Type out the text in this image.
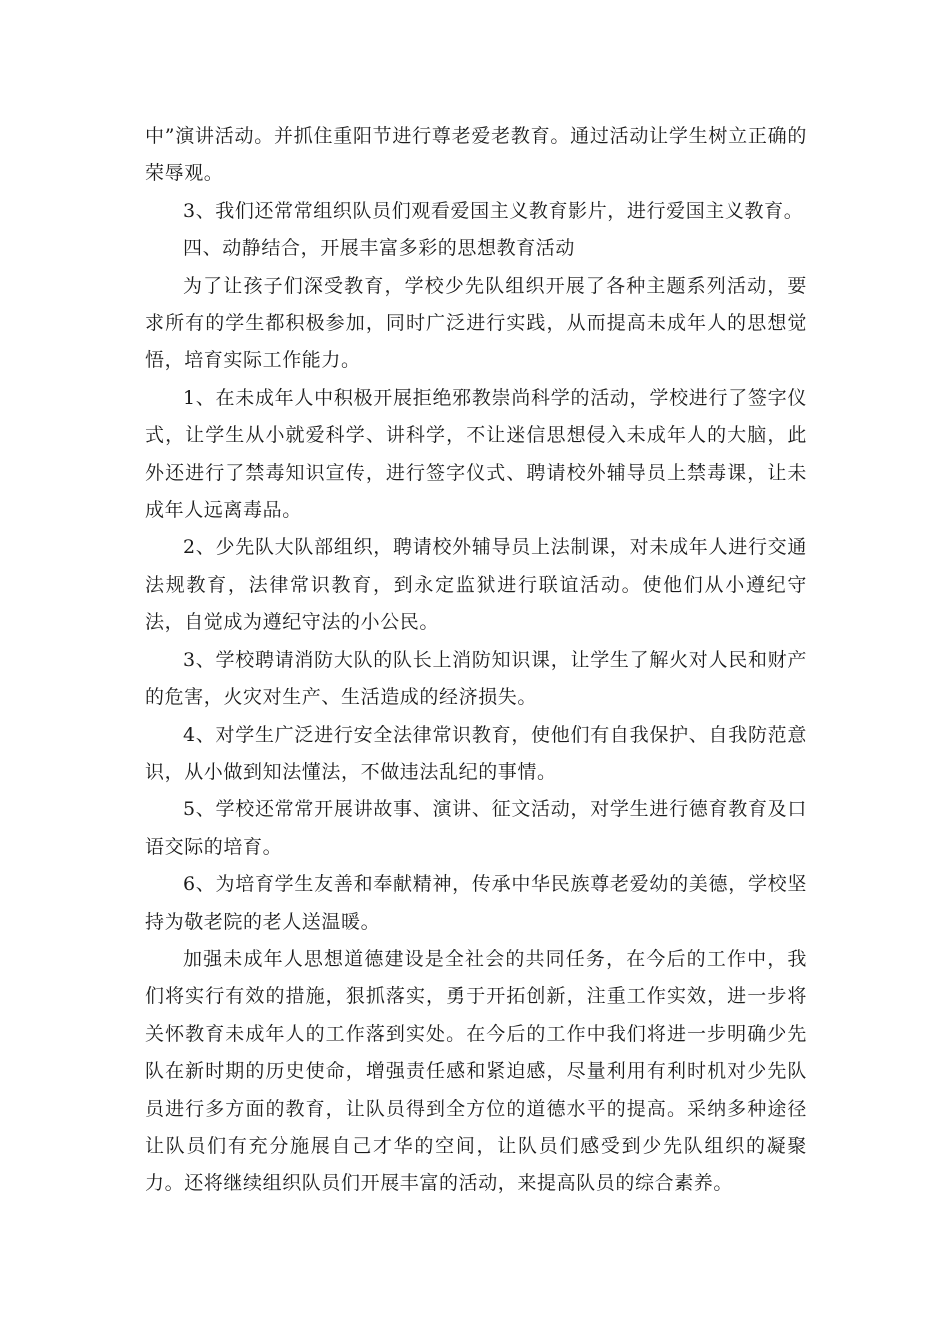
中”演讲活动。并抓住重阳节进行尊老爱老教育。通过活动让学生树立正确的荣辱观。

3、我们还常常组织队员们观看爱国主义教育影片，进行爱国主义教育。

四、动静结合，开展丰富多彩的思想教育活动

为了让孩子们深受教育，学校少先队组织开展了各种主题系列活动，要求所有的学生都积极参加，同时广泛进行实践，从而提高未成年人的思想觉悟，培育实际工作能力。

1、在未成年人中积极开展拒绝邪教崇尚科学的活动，学校进行了签字仪式，让学生从小就爱科学、讲科学，不让迷信思想侵入未成年人的大脑，此外还进行了禁毒知识宣传，进行签字仪式、聘请校外辅导员上禁毒课，让未成年人远离毒品。

2、少先队大队部组织，聘请校外辅导员上法制课，对未成年人进行交通法规教育，法律常识教育，到永定监狱进行联谊活动。使他们从小遵纪守法，自觉成为遵纪守法的小公民。

3、学校聘请消防大队的队长上消防知识课，让学生了解火对人民和财产的危害，火灾对生产、生活造成的经济损失。

4、对学生广泛进行安全法律常识教育，使他们有自我保护、自我防范意识，从小做到知法懂法，不做违法乱纪的事情。

5、学校还常常开展讲故事、演讲、征文活动，对学生进行德育教育及口语交际的培育。

6、为培育学生友善和奉献精神，传承中华民族尊老爱幼的美德，学校坚持为敬老院的老人送温暖。

加强未成年人思想道德建设是全社会的共同任务，在今后的工作中，我们将实行有效的措施，狠抓落实，勇于开拓创新，注重工作实效，进一步将关怀教育未成年人的工作落到实处。在今后的工作中我们将进一步明确少先队在新时期的历史使命，增强责任感和紧迫感，尽量利用有利时机对少先队员进行多方面的教育，让队员得到全方位的道德水平的提高。采纳多种途径让队员们有充分施展自己才华的空间，让队员们感受到少先队组织的凝聚力。还将继续组织队员们开展丰富的活动，来提高队员的综合素养。
